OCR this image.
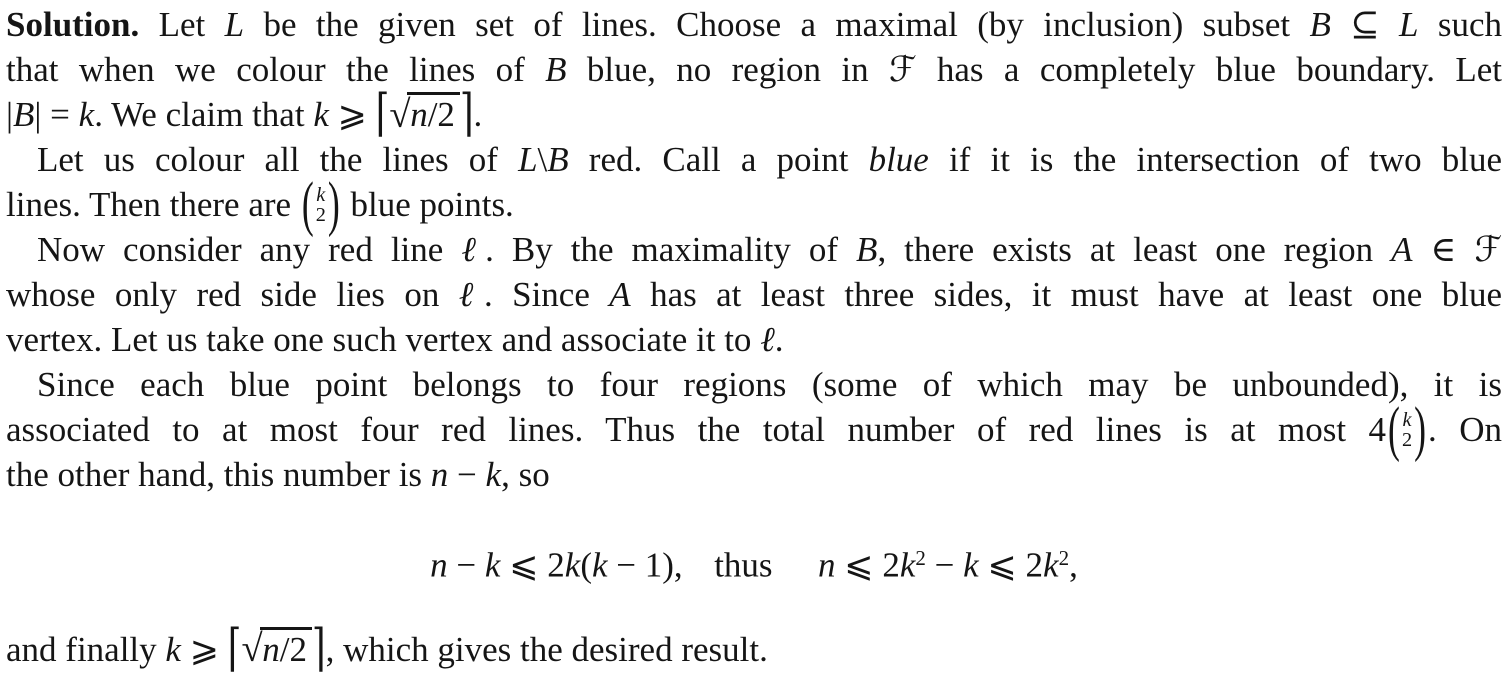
Solution. Let L be the given set of lines. Choose a maximal (by inclusion) subset B ⊆ L such
that when we colour the lines of B blue, no region in ℱ has a completely blue boundary. Let
|B| = k. We claim that k ⩾ ⌈√n/2 ⌉.
Let us colour all the lines of L\B red. Call a point blue if it is the intersection of two blue
lines. Then there are ( k
2 ) blue points.
Now consider any red line ℓ. By the maximality of B, there exists at least one region A ∈ ℱ
whose only red side lies on ℓ. Since A has at least three sides, it must have at least one blue
vertex. Let us take one such vertex and associate it to ℓ.
Since each blue point belongs to four regions (some of which may be unbounded), it is
associated to at most four red lines. Thus the total number of red lines is at most 4 ( k
2 ) . On
the other hand, this number is n − k, so
n − k ⩽ 2k(k − 1), thus n ⩽ $2k^2 - k$ ⩽ $2k^2$,
and finally k ⩾ ⌈√n/2 ⌉, which gives the desired result.
